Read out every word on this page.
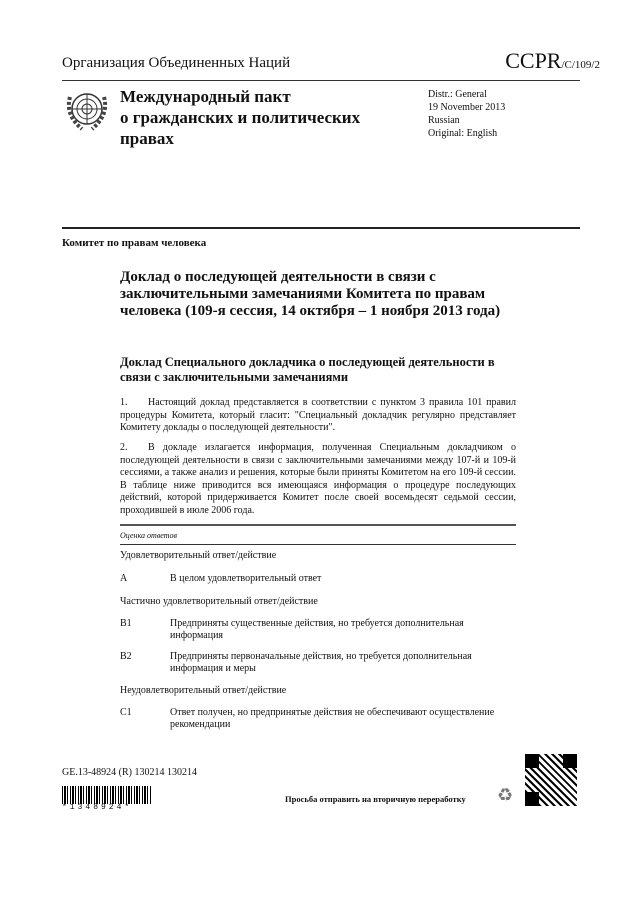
Организация Объединенных Наций	CCPR/C/109/2
Международный пакт
о гражданских и политических
правах
Distr.: General
19 November 2013
Russian
Original: English
Комитет по правам человека
Доклад о последующей деятельности в связи с заключительными замечаниями Комитета по правам человека (109-я сессия, 14 октября – 1 ноября 2013 года)
Доклад Специального докладчика о последующей деятельности в связи с заключительными замечаниями
1. Настоящий доклад представляется в соответствии с пунктом 3 правила 101 правил процедуры Комитета, который гласит: "Специальный докладчик регулярно представляет Комитету доклады о последующей деятельности".
2. В докладе излагается информация, полученная Специальным докладчиком о последующей деятельности в связи с заключительными замечаниями между 107-й и 109-й сессиями, а также анализ и решения, которые были приняты Комитетом на его 109-й сессии. В таблице ниже приводится вся имеющаяся информация о процедуре последующих действий, которой придерживается Комитет после своей восемьдесят седьмой сессии, проходившей в июле 2006 года.
Оценка ответов
Удовлетворительный ответ/действие
A	В целом удовлетворительный ответ
Частично удовлетворительный ответ/действие
B1	Предприняты существенные действия, но требуется дополнительная информация
B2	Предприняты первоначальные действия, но требуется дополнительная информация и меры
Неудовлетворительный ответ/действие
C1	Ответ получен, но предпринятые действия не обеспечивают осуществление рекомендации
GE.13-48924 (R) 130214 130214
*1348924*
Просьба отправить на вторичную переработку ♻
